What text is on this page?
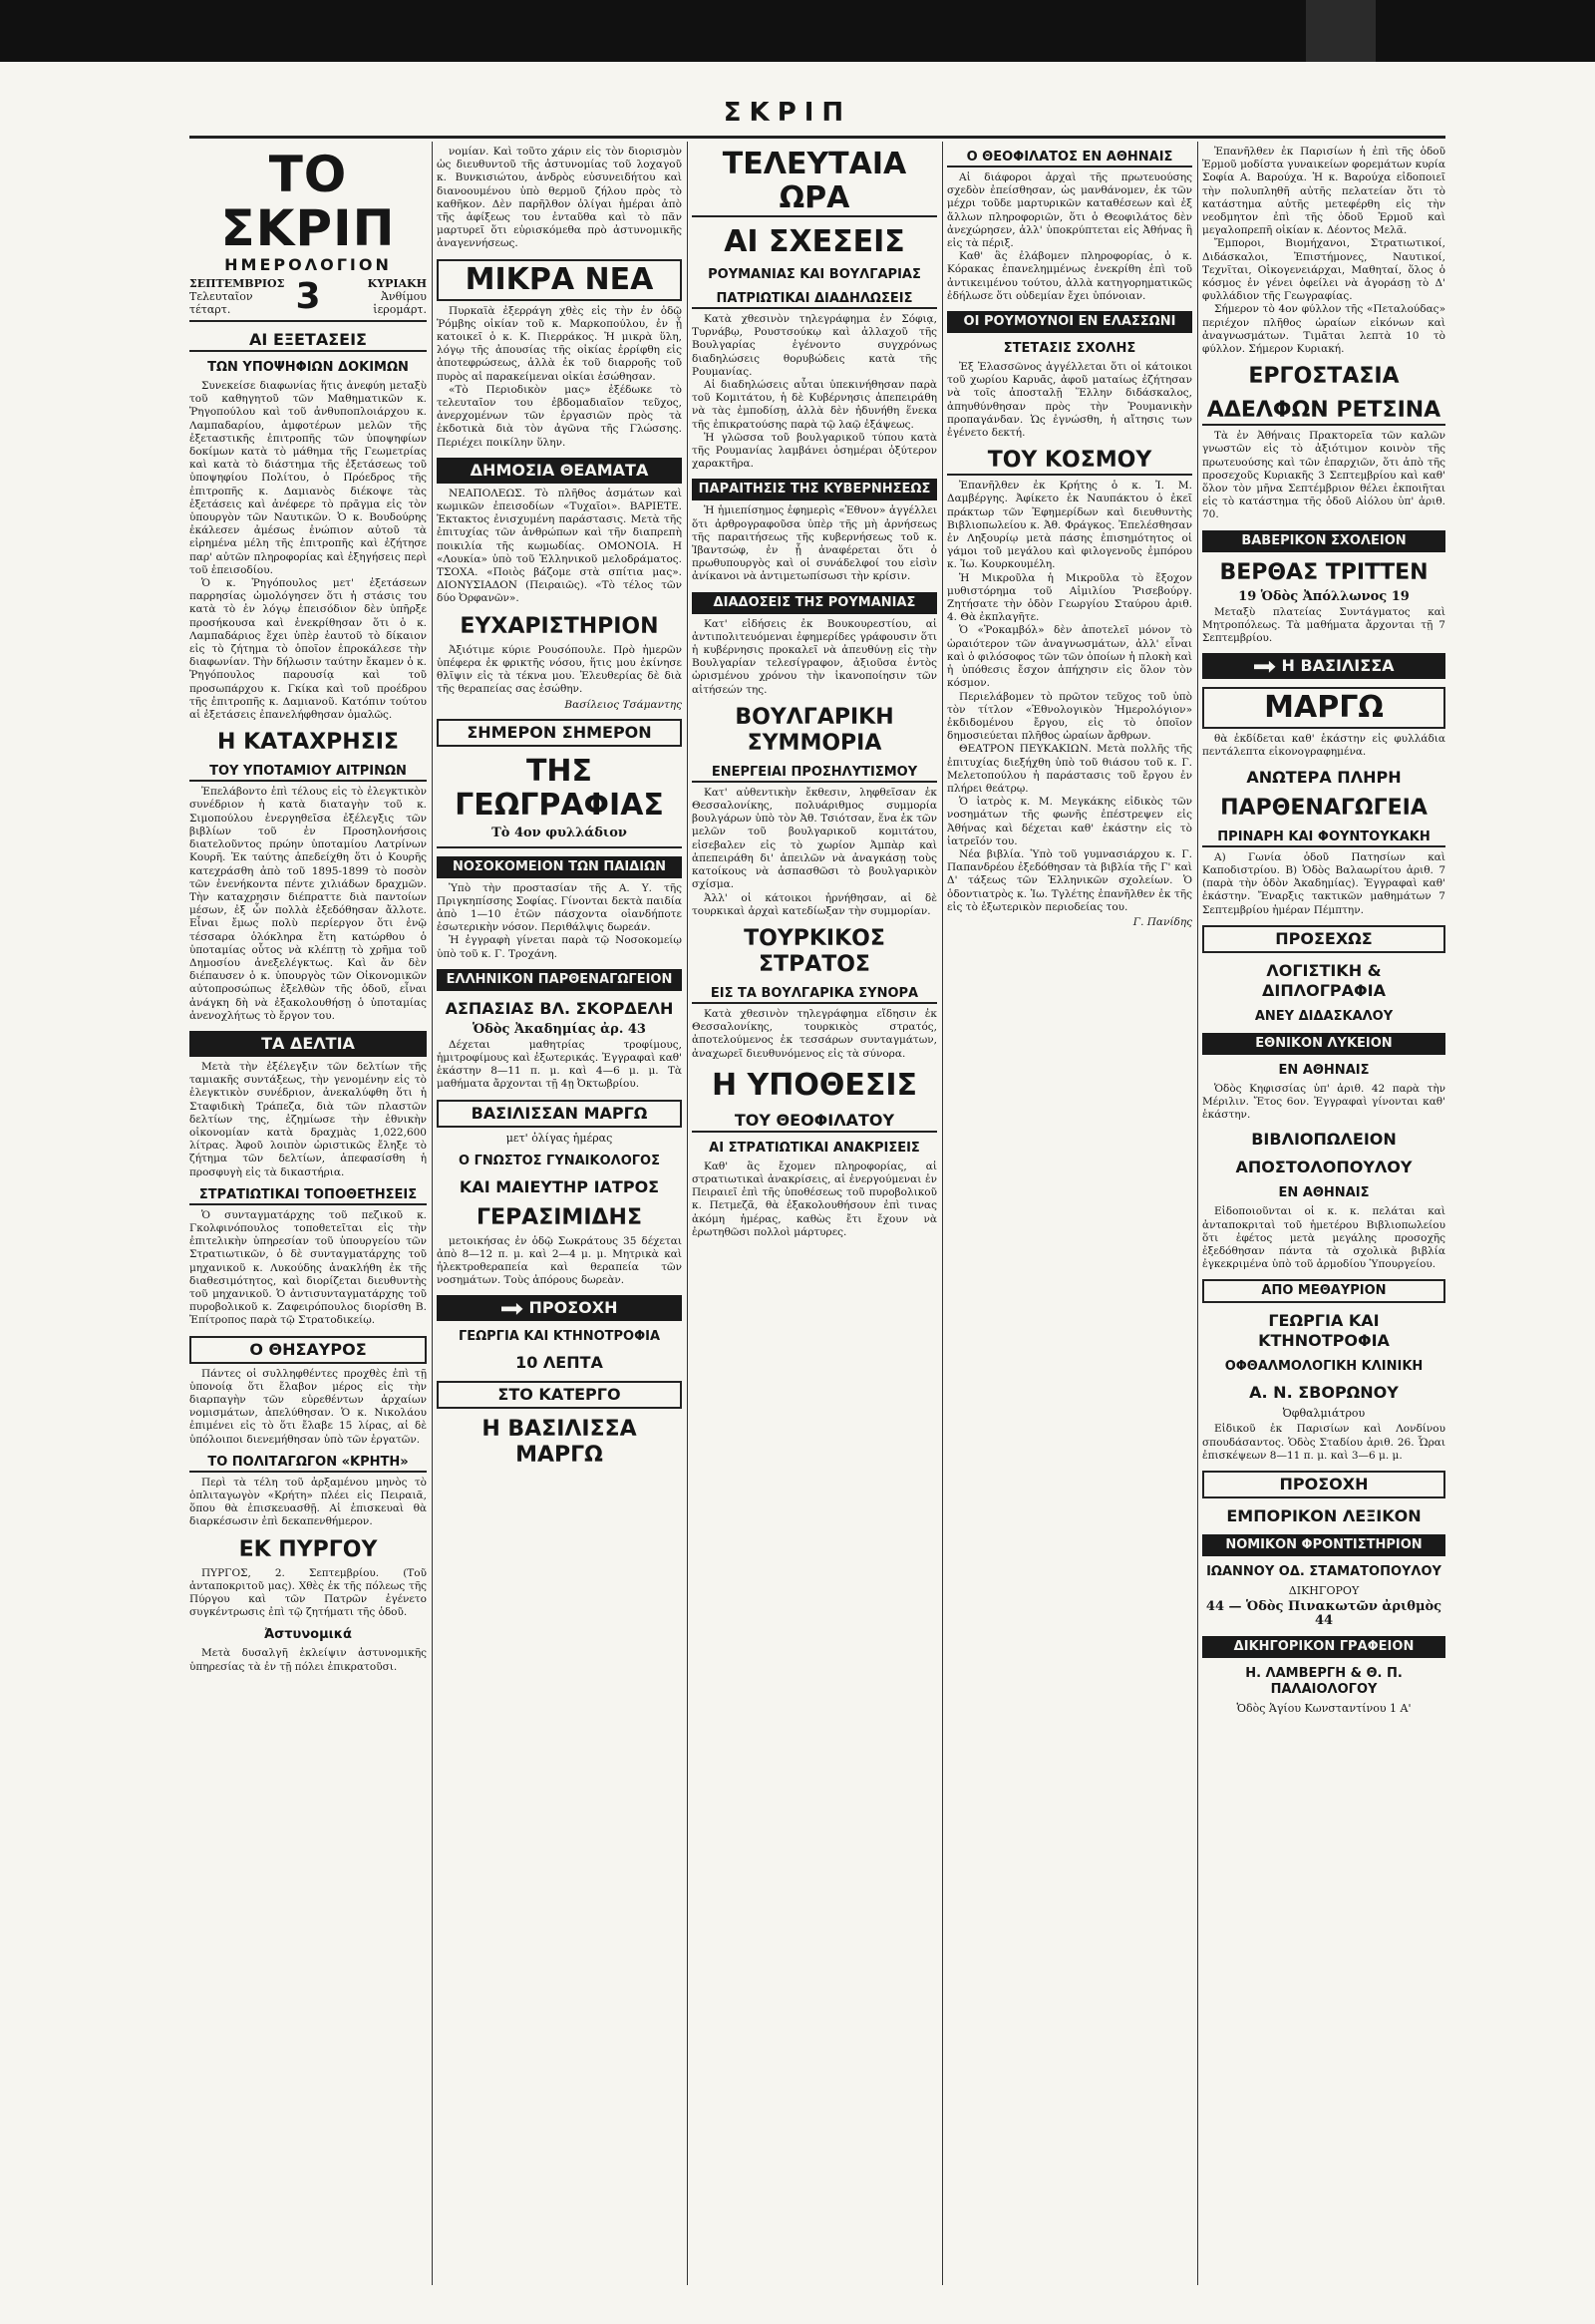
ΣΚΡΙΠ
ΤΟ ΣΚΡΙΠ
ΗΜΕΡΟΛΟΓΙΟΝ
ΣΕΠΤΕΜΒΡΙΟΣ
Τελευταῖον τέταρτ.	3	ΚΥΡΙΑΚΗ
Ἀνθίμου ἱερομάρτ.
ΑΙ ΕΞΕΤΑΣΕΙΣ
ΤΩΝ ΥΠΟΨΗΦΙΩΝ ΔΟΚΙΜΩΝ

Συνεκείσε διαφωνίας ἥτις ἀνεφύη μεταξὺ τοῦ καθηγητοῦ τῶν Μαθηματικῶν κ. Ῥηγοπούλου καὶ τοῦ ἀνθυποπλοιάρχου κ. Λαμπαδαρίου, ἀμφοτέρων μελῶν τῆς ἐξεταστικῆς ἐπιτροπῆς τῶν ὑποψηφίων δοκίμων κατὰ τὸ μάθημα τῆς Γεωμετρίας καὶ κατὰ τὸ διάστημα τῆς ἐξετάσεως τοῦ ὑποψηφίου Πολίτου, ὁ Πρόεδρος τῆς ἐπιτροπῆς κ. Δαμιανὸς διέκοψε τὰς ἐξετάσεις καὶ ἀνέφερε τὸ πρᾶγμα εἰς τὸν ὑπουργὸν τῶν Ναυτικῶν. Ὁ κ. Βουδούρης ἐκάλεσεν ἀμέσως ἐνώπιον αὐτοῦ τὰ εἰρημένα μέλη τῆς ἐπιτροπῆς καὶ ἐζήτησε παρ' αὐτῶν πληροφορίας καὶ ἐξηγήσεις περὶ τοῦ ἐπεισοδίου.

Ὁ κ. Ῥηγόπουλος μετ' ἐξετάσεων παρρησίας ὡμολόγησεν ὅτι ἡ στάσις του κατὰ τὸ ἐν λόγῳ ἐπεισόδιον δὲν ὑπῆρξε προσήκουσα καὶ ἐνεκρίθησαν ὅτι ὁ κ. Λαμπαδάριος ἔχει ὑπὲρ ἑαυτοῦ τὸ δίκαιον εἰς τὸ ζήτημα τὸ ὁποῖον ἐπροκάλεσε τὴν διαφωνίαν. Τὴν δήλωσιν ταύτην ἔκαμεν ὁ κ. Ῥηγόπουλος παρουσίᾳ καὶ τοῦ προσωπάρχου κ. Γκίκα καὶ τοῦ προέδρου τῆς ἐπιτροπῆς κ. Δαμιανοῦ. Κατόπιν τούτου αἱ ἐξετάσεις ἐπανελήφθησαν ὁμαλῶς.

Η ΚΑΤΑΧΡΗΣΙΣ
ΤΟΥ ΥΠΟΤΑΜΙΟΥ ΑΙΤΡΙΝΩΝ

Ἐπελάβοντο ἐπὶ τέλους εἰς τὸ ἐλεγκτικὸν συνέδριον ἡ κατὰ διαταγὴν τοῦ κ. Σιμοπούλου ἐνεργηθεῖσα ἐξέλεγξις τῶν βιβλίων τοῦ ἐν Προσηλονήσοις διατελοῦντος πρώην ὑποταμίου Λατρίνων Κουρῆ. Ἐκ ταύτης ἀπεδείχθη ὅτι ὁ Κουρῆς κατεχράσθη ἀπὸ τοῦ 1895-1899 τὸ ποσὸν τῶν ἐνενήκοντα πέντε χιλιάδων δραχμῶν. Τὴν καταχρησιν διέπραττε διὰ παντοίων μέσων, ἐξ ὧν πολλὰ ἐξεδόθησαν ἄλλοτε. Εἶναι ἔμως πολὺ περίεργον ὅτι ἐνῷ τέσσαρα ὁλόκληρα ἔτη κατώρθου ὁ ὑποταμίας οὗτος νὰ κλέπτῃ τὸ χρῆμα τοῦ Δημοσίου ἀνεξελέγκτως. Καὶ ἄν δὲν διέπαυσεν ὁ κ. ὑπουργὸς τῶν Οἰκονομικῶν αὐτοπροσώπως ἐξελθὼν τῆς ὁδοῦ, εἶναι ἀνάγκη δὴ νὰ ἐξακολουθήσῃ ὁ ὑποταμίας ἀνενοχλήτως τὸ ἔργον του.

ΤΑ ΔΕΛΤΙΑ

Μετὰ τὴν ἐξέλεγξιν τῶν δελτίων τῆς ταμιακῆς συντάξεως, τὴν γενομένην εἰς τὸ ἐλεγκτικὸν συνέδριον, ἀνεκαλύφθη ὅτι ἡ Σταφιδικὴ Τράπεζα, διὰ τῶν πλαστῶν δελτίων της, ἐζημίωσε τὴν ἐθνικὴν οἰκονομίαν κατὰ δραχμὰς 1,022,600 λίτρας. Ἀφοῦ λοιπὸν ὡριστικῶς ἔληξε τὸ ζήτημα τῶν δελτίων, ἀπεφασίσθη ἡ προσφυγὴ εἰς τὰ δικαστήρια.

ΣΤΡΑΤΙΩΤΙΚΑΙ ΤΟΠΟΘΕΤΗΣΕΙΣ

Ὁ συνταγματάρχης τοῦ πεζικοῦ κ. Γκολφινόπουλος τοποθετεῖται εἰς τὴν ἐπιτελικὴν ὑπηρεσίαν τοῦ ὑπουργείου τῶν Στρατιωτικῶν, ὁ δὲ συνταγματάρχης τοῦ μηχανικοῦ κ. Λυκούδης ἀνακλήθη ἐκ τῆς διαθεσιμότητος, καὶ διορίζεται διευθυντὴς τοῦ μηχανικοῦ. Ὁ ἀντισυνταγματάρχης τοῦ πυροβολικοῦ κ. Ζαφειρόπουλος διορίσθη Β. Ἐπίτροπος παρὰ τῷ Στρατοδικείῳ.

Ο ΘΗΣΑΥΡΟΣ

Πάντες οἱ συλληφθέντες προχθὲς ἐπὶ τῇ ὑπονοίᾳ ὅτι ἔλαβον μέρος εἰς τὴν διαρπαγὴν τῶν εὑρεθέντων ἀρχαίων νομισμάτων, ἀπελύθησαν. Ὁ κ. Νικολάου ἐπιμένει εἰς τὸ ὅτι ἔλαβε 15 λίρας, αἱ δὲ ὑπόλοιποι διενεμήθησαν ὑπὸ τῶν ἐργατῶν.

ΤΟ ΠΟΛΙΤΑΓΩΓΟΝ «ΚΡΗΤΗ»

Περὶ τὰ τέλη τοῦ ἀρξαμένου μηνὸς τὸ ὁπλιταγωγὸν «Κρήτη» πλέει εἰς Πειραιᾶ, ὅπου θὰ ἐπισκευασθῇ. Αἱ ἐπισκευαὶ θὰ διαρκέσωσιν ἐπὶ δεκαπενθήμερον.

ΕΚ ΠΥΡΓΟΥ

ΠΥΡΓΟΣ, 2. Σεπτεμβρίου. (Τοῦ ἀνταποκριτοῦ μας). Χθὲς ἐκ τῆς πόλεως τῆς Πύργου καὶ τῶν Πατρῶν ἐγένετο συγκέντρωσις ἐπὶ τῷ ζητήματι τῆς ὁδοῦ.

Ἀστυνομικά

Μετὰ δυσαλγῆ ἐκλείψιν ἀστυνομικῆς ὑπηρεσίας τὰ ἐν τῇ πόλει ἐπικρατοῦσι.

νομίαν. Καὶ τοῦτο χάριν εἰς τὸν διορισμὸν ὡς διευθυντοῦ τῆς ἀστυνομίας τοῦ λοχαγοῦ κ. Βυνκισιώτου, ἀνδρὸς εὐσυνειδήτου καὶ διανοουμένου ὑπὸ θερμοῦ ζήλου πρὸς τὸ καθῆκον. Δὲν παρῆλθον ὀλίγαι ἡμέραι ἀπὸ τῆς ἀφίξεως του ἐνταῦθα καὶ τὸ πᾶν μαρτυρεῖ ὅτι εὑρισκόμεθα πρὸ ἀστυνομικῆς ἀναγεννήσεως.

ΜΙΚΡΑ ΝΕΑ

Πυρκαϊὰ ἐξερράγη χθὲς εἰς τὴν ἐν ὁδῷ Ῥόμβης οἰκίαν τοῦ κ. Μαρκοπούλου, ἐν ᾗ κατοικεῖ ὁ κ. Κ. Πιερράκος. Ἡ μικρὰ ὕλη, λόγῳ τῆς ἀπουσίας τῆς οἰκίας ἐρρίφθη εἰς ἀποτεφρώσεως, ἀλλὰ ἐκ τοῦ διαρροῆς τοῦ πυρὸς αἱ παρακείμεναι οἰκίαι ἐσώθησαν.

«Τὸ Περιοδικὸν μας» ἐξέδωκε τὸ τελευταῖον του ἐβδομαδιαῖον τεῦχος, ἀνερχομένων τῶν ἐργασιῶν πρὸς τὰ ἐκδοτικὰ διὰ τὸν ἀγῶνα τῆς Γλώσσης. Περιέχει ποικίλην ὕλην.

ΔΗΜΟΣΙΑ ΘΕΑΜΑΤΑ

ΝΕΑΠΟΛΕΩΣ. Τὸ πλῆθος ἀσμάτων καὶ κωμικῶν ἐπεισοδίων «Τυχαῖοι». ΒΑΡΙΕΤΕ. Ἐκτακτος ἐνισχυμένη παράστασις. Μετὰ τῆς ἐπιτυχίας τῶν ἀνθρώπων καὶ τῆν διαπρεπὴ ποικιλία τῆς κωμωδίας. ΟΜΟΝΟΙΑ. Η «Λουκία» ὑπὸ τοῦ Ἑλληνικοῦ μελοδράματος. ΤΣΟΧΑ. «Ποιὸς βάζομε στὰ σπίτια μας». ΔΙΟΝΥΣΙΑΔΟΝ (Πειραιῶς). «Τὸ τέλος τῶν δύο Ὀρφανῶν».

ΕΥΧΑΡΙΣΤΗΡΙΟΝ

Ἀξιότιμε κύριε Ρουσόπουλε. Πρὸ ἡμερῶν ὑπέφερα ἐκ φρικτῆς νόσου, ἥτις μου ἐκίνησε θλῖψιν εἰς τὰ τέκνα μου. Ἐλευθερίας δὲ διὰ τῆς θεραπείας σας ἐσώθην.

Βασίλειος Τσάμαντης
ΣΗΜΕΡΟΝ ΣΗΜΕΡΟΝ
ΤΗΣ ΓΕΩΓΡΑΦΙΑΣ
Τὸ 4ον φυλλάδιον
ΝΟΣΟΚΟΜΕΙΟΝ ΤΩΝ ΠΑΙΔΙΩΝ

Ὑπὸ τὴν προστασίαν τῆς Α. Υ. τῆς Πριγκηπίσσης Σοφίας. Γίνονται δεκτὰ παιδία ἀπὸ 1—10 ἐτῶν πάσχοντα οἱανδήποτε ἐσωτερικὴν νόσον. Περιθάλψις δωρεάν.

Ἡ ἐγγραφὴ γίνεται παρὰ τῷ Νοσοκομείῳ ὑπὸ τοῦ κ. Γ. Τροχάνη.

ΕΛΛΗΝΙΚΟΝ ΠΑΡΘΕΝΑΓΩΓΕΙΟΝ
ΑΣΠΑΣΙΑΣ ΒΛ. ΣΚΟΡΔΕΛΗ
Ὁδὸς Ἀκαδημίας ἀρ. 43

Δέχεται μαθητρίας τροφίμους, ἡμιτροφίμους καὶ ἐξωτερικάς. Ἐγγραφαὶ καθ' ἑκάστην 8—11 π. μ. καὶ 4—6 μ. μ. Τὰ μαθήματα ἄρχονται τῇ 4ῃ Ὀκτωβρίου.

ΒΑΣΙΛΙΣΣΑΝ ΜΑΡΓΩ
μετ' ὀλίγας ἡμέρας
Ο ΓΝΩΣΤΟΣ ΓΥΝΑΙΚΟΛΟΓΟΣ
ΚΑΙ ΜΑΙΕΥΤΗΡ ΙΑΤΡΟΣ
ΓΕΡΑΣΙΜΙΔΗΣ

μετοικήσας ἐν ὁδῷ Σωκράτους 35 δέχεται ἀπὸ 8—12 π. μ. καὶ 2—4 μ. μ. Μητρικὰ καὶ ἠλεκτροθεραπεία καὶ θεραπεία τῶν νοσημάτων. Τοὺς ἀπόρους δωρεὰν.

ΠΡΟΣΟΧΗ
ΓΕΩΡΓΙΑ ΚΑΙ ΚΤΗΝΟΤΡΟΦΙΑ
10 ΛΕΠΤΑ
ΣΤΟ ΚΑΤΕΡΓΟ
Η ΒΑΣΙΛΙΣΣΑ ΜΑΡΓΩ
ΤΕΛΕΥΤΑΙΑ ΩΡΑ
ΑΙ ΣΧΕΣΕΙΣ
ΡΟΥΜΑΝΙΑΣ ΚΑΙ ΒΟΥΛΓΑΡΙΑΣ
ΠΑΤΡΙΩΤΙΚΑΙ ΔΙΑΔΗΛΩΣΕΙΣ

Κατὰ χθεσινὸν τηλεγράφημα ἐν Σόφιᾳ, Τυρνάβῳ, Ρουστσούκῳ καὶ ἀλλαχοῦ τῆς Βουλγαρίας ἐγένοντο συγχρόνως διαδηλώσεις θορυβώδεις κατὰ τῆς Ρουμανίας.

Αἱ διαδηλώσεις αὗται ὑπεκινήθησαν παρὰ τοῦ Κομιτάτου, ἡ δὲ Κυβέρνησις ἀπεπειράθη νὰ τὰς ἐμποδίσῃ, ἀλλὰ δὲν ἠδυνήθη ἕνεκα τῆς ἐπικρατούσης παρὰ τῷ λαῷ ἐξάψεως.

Ἡ γλῶσσα τοῦ βουλγαρικοῦ τύπου κατὰ τῆς Ρουμανίας λαμβάνει ὁσημέραι ὀξύτερον χαρακτῆρα.

ΠΑΡΑΙΤΗΣΙΣ ΤΗΣ ΚΥΒΕΡΝΗΣΕΩΣ

Ἡ ἡμιεπίσημος ἐφημερὶς «Ἐθνον» ἀγγέλλει ὅτι ἀρθρογραφοῦσα ὑπὲρ τῆς μὴ ἀρνήσεως τῆς παραιτήσεως τῆς κυβερνήσεως τοῦ κ. Ἰβαντσώφ, ἐν ᾗ ἀναφέρεται ὅτι ὁ πρωθυπουργὸς καὶ οἱ συνάδελφοί του εἰσὶν ἀνίκανοι νὰ ἀντιμετωπίσωσι τὴν κρίσιν.

ΔΙΑΔΟΣΕΙΣ ΤΗΣ ΡΟΥΜΑΝΙΑΣ

Κατ' εἰδήσεις ἐκ Βουκουρεστίου, αἱ ἀντιπολιτευόμεναι ἐφημερίδες γράφουσιν ὅτι ἡ κυβέρνησις προκαλεῖ νὰ ἀπευθύνῃ εἰς τὴν Βουλγαρίαν τελεσίγραφον, ἀξιοῦσα ἐντὸς ὡρισμένου χρόνου τὴν ἱκανοποίησιν τῶν αἰτήσεών της.

ΒΟΥΛΓΑΡΙΚΗ ΣΥΜΜΟΡΙΑ
ΕΝΕΡΓΕΙΑΙ ΠΡΟΣΗΛΥΤΙΣΜΟΥ

Κατ' αὐθεντικὴν ἔκθεσιν, ληφθεῖσαν ἐκ Θεσσαλονίκης, πολυάριθμος συμμορία βουλγάρων ὑπὸ τὸν Ἀθ. Τσιότσαν, ἕνα ἐκ τῶν μελῶν τοῦ βουλγαρικοῦ κομιτάτου, εἰσεβαλεν εἰς τὸ χωρίον Ἀμπὰρ καὶ ἀπεπειράθη δι' ἀπειλῶν νὰ ἀναγκάσῃ τοὺς κατοίκους νὰ ἀσπασθῶσι τὸ βουλγαρικὸν σχίσμα.

Ἀλλ' οἱ κάτοικοι ἠρνήθησαν, αἱ δὲ τουρκικαὶ ἀρχαὶ κατεδίωξαν τὴν συμμορίαν.

ΤΟΥΡΚΙΚΟΣ ΣΤΡΑΤΟΣ
ΕΙΣ ΤΑ ΒΟΥΛΓΑΡΙΚΑ ΣΥΝΟΡΑ

Κατὰ χθεσινὸν τηλεγράφημα εἴδησιν ἐκ Θεσσαλονίκης, τουρκικὸς στρατός, ἀποτελούμενος ἐκ τεσσάρων συνταγμάτων, ἀναχωρεῖ διευθυνόμενος εἰς τὰ σύνορα.

Η ΥΠΟΘΕΣΙΣ
ΤΟΥ ΘΕΟΦΙΛΑΤΟΥ
ΑΙ ΣΤΡΑΤΙΩΤΙΚΑΙ ΑΝΑΚΡΙΣΕΙΣ

Καθ' ἃς ἔχομεν πληροφορίας, αἱ στρατιωτικαὶ ἀνακρίσεις, αἱ ἐνεργούμεναι ἐν Πειραιεῖ ἐπὶ τῆς ὑποθέσεως τοῦ πυροβολικοῦ κ. Πετμεζᾶ, θὰ ἐξακολουθήσουν ἐπὶ τινας ἀκόμη ἡμέρας, καθὼς ἔτι ἔχουν νὰ ἐρωτηθῶσι πολλοὶ μάρτυρες.

Ο ΘΕΟΦΙΛΑΤΟΣ ΕΝ ΑΘΗΝΑΙΣ

Αἱ διάφοροι ἀρχαὶ τῆς πρωτευούσης σχεδὸν ἐπείσθησαν, ὡς μανθάνομεν, ἐκ τῶν μέχρι τοῦδε μαρτυρικῶν καταθέσεων καὶ ἐξ ἄλλων πληροφοριῶν, ὅτι ὁ Θεοφιλάτος δὲν ἀνεχώρησεν, ἀλλ' ὑποκρύπτεται εἰς Ἀθήνας ἢ εἰς τὰ πέριξ.

Καθ' ἃς ἐλάβομεν πληροφορίας, ὁ κ. Κόρακας ἐπανελημμένως ἐνεκρίθη ἐπὶ τοῦ ἀντικειμένου τούτου, ἀλλὰ κατηγορηματικῶς ἐδήλωσε ὅτι οὐδεμίαν ἔχει ὑπόνοιαν.

ΟΙ ΡΟΥΜΟΥΝΟΙ ΕΝ ΕΛΑΣΣΩΝΙ
ΣΤΕΤΑΣΙΣ ΣΧΟΛΗΣ

Ἐξ Ἐλασσῶνος ἀγγέλλεται ὅτι οἱ κάτοικοι τοῦ χωρίου Καρυᾶς, ἀφοῦ ματαίως ἐζήτησαν νὰ τοῖς ἀποσταλῇ Ἕλλην διδάσκαλος, ἀπηυθύνθησαν πρὸς τὴν Ῥουμανικὴν προπαγάνδαν. Ὡς ἐγνώσθη, ἡ αἴτησις των ἐγένετο δεκτή.

ΤΟΥ ΚΟΣΜΟΥ

Ἐπανῆλθεν ἐκ Κρήτης ὁ κ. Ἰ. Μ. Δαμβέργης. Ἀφίκετο ἐκ Ναυπάκτου ὁ ἐκεῖ πράκτωρ τῶν Ἐφημερίδων καὶ διευθυντὴς Βιβλιοπωλείου κ. Ἀθ. Φράγκος. Ἐπελέσθησαν ἐν Ληξουρίῳ μετὰ πάσης ἐπισημότητος οἱ γάμοι τοῦ μεγάλου καὶ φιλογενοῦς ἐμπόρου κ. Ἰω. Κουρκουμέλη.

Ἡ Μικροῦλα ἡ Μικροῦλα τὸ ἔξοχον μυθιστόρημα τοῦ Αἰμιλίου Ῥισεβούργ. Ζητήσατε τὴν ὁδὸν Γεωργίου Σταύρου ἀριθ. 4. Θὰ ἐκπλαγῆτε.

Ὁ «Ῥοκαμβόλ» δὲν ἀποτελεῖ μόνον τὸ ὡραιότερον τῶν ἀναγνωσμάτων, ἀλλ' εἶναι καὶ ὁ φιλόσοφος τῶν τῶν ὁποίων ἡ πλοκὴ καὶ ἡ ὑπόθεσις ἔσχον ἀπήχησιν εἰς ὅλον τὸν κόσμον.

Περιελάβομεν τὸ πρῶτον τεῦχος τοῦ ὑπὸ τὸν τίτλον «Ἐθνολογικὸν Ἡμερολόγιον» ἐκδιδομένου ἔργου, εἰς τὸ ὁποῖον δημοσιεύεται πλῆθος ὡραίων ἄρθρων.

ΘΕΑΤΡΟΝ ΠΕΥΚΑΚΙΩΝ. Μετὰ πολλῆς τῆς ἐπιτυχίας διεξήχθη ὑπὸ τοῦ θιάσου τοῦ κ. Γ. Μελετοπούλου ἡ παράστασις τοῦ ἔργου ἐν πλήρει θεάτρῳ.

Ὁ ἰατρὸς κ. Μ. Μεγκάκης εἰδικὸς τῶν νοσημάτων τῆς φωνῆς ἐπέστρεψεν εἰς Ἀθήνας καὶ δέχεται καθ' ἑκάστην εἰς τὸ ἰατρεῖόν του.

Νέα βιβλία. Ὑπὸ τοῦ γυμνασιάρχου κ. Γ. Παπανδρέου ἐξεδόθησαν τὰ βιβλία τῆς Γ' καὶ Δ' τάξεως τῶν Ἑλληνικῶν σχολείων. Ὁ ὁδοντιατρὸς κ. Ἰω. Τγλέτης ἐπανῆλθεν ἐκ τῆς εἰς τὸ ἐξωτερικὸν περιοδείας του.

Γ. Πανίδης

Ἐπανῆλθεν ἐκ Παρισίων ἡ ἐπὶ τῆς ὁδοῦ Ἑρμοῦ μοδίστα γυναικείων φορεμάτων κυρία Σοφία Α. Βαρούχα. Ἡ κ. Βαρούχα εἰδοποιεῖ τὴν πολυπληθῆ αὐτῆς πελατείαν ὅτι τὸ κατάστημα αὐτῆς μετεφέρθη εἰς τὴν νεοδμητον ἐπὶ τῆς ὁδοῦ Ἑρμοῦ καὶ μεγαλοπρεπῆ οἰκίαν κ. Δέοντος Μελᾶ.

Ἔμποροι, Βιομήχανοι, Στρατιωτικοί, Διδάσκαλοι, Ἐπιστήμονες, Ναυτικοί, Τεχνῖται, Οἰκογενειάρχαι, Μαθηταί, ὅλος ὁ κόσμος ἐν γένει ὀφείλει νὰ ἀγοράσῃ τὸ Δ' φυλλάδιον τῆς Γεωγραφίας.

Σήμερον τὸ 4ον φύλλον τῆς «Πεταλούδας» περιέχον πλῆθος ὡραίων εἰκόνων καὶ ἀναγνωσμάτων. Τιμᾶται λεπτὰ 10 τὸ φύλλον. Σήμερον Κυριακή.

ΕΡΓΟΣΤΑΣΙΑ
ΑΔΕΛΦΩΝ ΡΕΤΣΙΝΑ

Τὰ ἐν Ἀθήναις Πρακτορεῖα τῶν καλῶν γνωστῶν εἰς τὸ ἀξιότιμον κοινὸν τῆς πρωτευούσης καὶ τῶν ἐπαρχιῶν, ὅτι ἀπὸ τῆς προσεχοῦς Κυριακῆς 3 Σεπτεμβρίου καὶ καθ' ὅλον τὸν μῆνα Σεπτέμβριον θέλει ἐκποιῆται εἰς τὸ κατάστημα τῆς ὁδοῦ Αἰόλου ὑπ' ἀριθ. 70.

ΒΑΒΕΡΙΚΟΝ ΣΧΟΛΕΙΟΝ
ΒΕΡΘΑΣ ΤΡΙΤΤΕΝ
19 Ὁδὸς Ἀπόλλωνος 19

Μεταξὺ πλατείας Συντάγματος καὶ Μητροπόλεως. Τὰ μαθήματα ἄρχονται τῇ 7 Σεπτεμβρίου.

Η ΒΑΣΙΛΙΣΣΑ
ΜΑΡΓΩ

θὰ ἐκδίδεται καθ' ἑκάστην εἰς φυλλάδια πεντάλεπτα εἰκονογραφημένα.

ΑΝΩΤΕΡΑ ΠΛΗΡΗ
ΠΑΡΘΕΝΑΓΩΓΕΙΑ
ΠΡΙΝΑΡΗ ΚΑΙ ΦΟΥΝΤΟΥΚΑΚΗ

Α) Γωνία ὁδοῦ Πατησίων καὶ Καποδιστρίου. Β) Ὁδὸς Βαλαωρίτου ἀριθ. 7 (παρὰ τὴν ὁδὸν Ἀκαδημίας). Ἐγγραφαὶ καθ' ἑκάστην. Ἔναρξις τακτικῶν μαθημάτων 7 Σεπτεμβρίου ἡμέραν Πέμπτην.

ΠΡΟΣΕΧΩΣ
ΛΟΓΙΣΤΙΚΗ & ΔΙΠΛΟΓΡΑΦΙΑ
ΑΝΕΥ ΔΙΔΑΣΚΑΛΟΥ
ΕΘΝΙΚΟΝ ΛΥΚΕΙΟΝ
ΕΝ ΑΘΗΝΑΙΣ

Ὁδὸς Κηφισσίας ὑπ' ἀριθ. 42 παρὰ τὴν Μέριλιν. Ἔτος 6ον. Ἐγγραφαὶ γίνονται καθ' ἑκάστην.

ΒΙΒΛΙΟΠΩΛΕΙΟΝ
ΑΠΟΣΤΟΛΟΠΟΥΛΟΥ
ΕΝ ΑΘΗΝΑΙΣ

Εἰδοποιοῦνται οἱ κ. κ. πελάται καὶ ἀνταποκριταὶ τοῦ ἡμετέρου Βιβλιοπωλείου ὅτι ἐφέτος μετὰ μεγάλης προσοχῆς ἐξεδόθησαν πάντα τὰ σχολικὰ βιβλία ἐγκεκριμένα ὑπὸ τοῦ ἀρμοδίου Ὑπουργείου.

ΑΠΟ ΜΕΘΑΥΡΙΟΝ
ΓΕΩΡΓΙΑ ΚΑΙ ΚΤΗΝΟΤΡΟΦΙΑ
ΟΦΘΑΛΜΟΛΟΓΙΚΗ ΚΛΙΝΙΚΗ
Α. Ν. ΣΒΟΡΩΝΟΥ
Ὀφθαλμιάτρου

Εἰδικοῦ ἐκ Παρισίων καὶ Λονδίνου σπουδάσαντος. Ὁδὸς Σταδίου ἀριθ. 26. Ὧραι ἐπισκέψεων 8—11 π. μ. καὶ 3—6 μ. μ.

ΠΡΟΣΟΧΗ
ΕΜΠΟΡΙΚΟΝ ΛΕΞΙΚΟΝ
ΝΟΜΙΚΟΝ ΦΡΟΝΤΙΣΤΗΡΙΟΝ
ΙΩΑΝΝΟΥ ΟΔ. ΣΤΑΜΑΤΟΠΟΥΛΟΥ
ΔΙΚΗΓΟΡΟΥ
44 — Ὁδὸς Πινακωτῶν ἀριθμὸς 44
ΔΙΚΗΓΟΡΙΚΟΝ ΓΡΑΦΕΙΟΝ
Η. ΛΑΜΒΕΡΓΗ & Θ. Π. ΠΑΛΑΙΟΛΟΓΟΥ
Ὁδὸς Ἁγίου Κωνσταντίνου 1 Α'
